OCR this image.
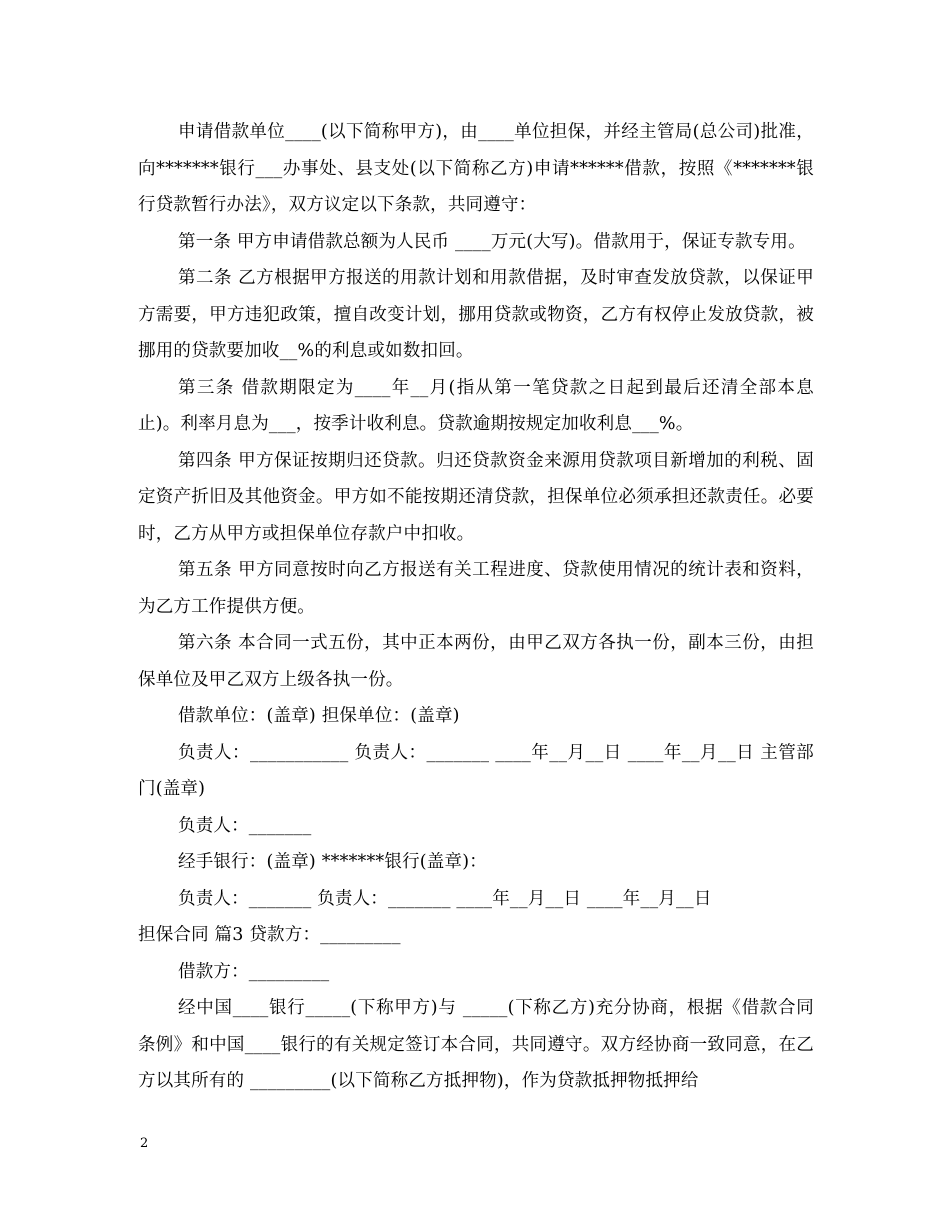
申请借款单位____(以下简称甲方)，由____单位担保，并经主管局(总公司)批准，向*******银行___办事处、县支处(以下简称乙方)申请******借款，按照《*******银行贷款暂行办法》，双方议定以下条款，共同遵守：

第一条 甲方申请借款总额为人民币 ____万元(大写)。借款用于，保证专款专用。

第二条 乙方根据甲方报送的用款计划和用款借据，及时审查发放贷款，以保证甲方需要，甲方违犯政策，擅自改变计划，挪用贷款或物资，乙方有权停止发放贷款，被挪用的贷款要加收__%的利息或如数扣回。

第三条 借款期限定为____年__月(指从第一笔贷款之日起到最后还清全部本息止)。利率月息为___，按季计收利息。贷款逾期按规定加收利息___%。

第四条 甲方保证按期归还贷款。归还贷款资金来源用贷款项目新增加的利税、固定资产折旧及其他资金。甲方如不能按期还清贷款，担保单位必须承担还款责任。必要时，乙方从甲方或担保单位存款户中扣收。

第五条 甲方同意按时向乙方报送有关工程进度、贷款使用情况的统计表和资料，为乙方工作提供方便。

第六条 本合同一式五份，其中正本两份，由甲乙双方各执一份，副本三份，由担保单位及甲乙双方上级各执一份。

借款单位：(盖章) 担保单位：(盖章)

负责人：___________ 负责人：_______ ____年__月__日 ____年__月__日 主管部门(盖章)

负责人：_______

经手银行：(盖章) *******银行(盖章)：

负责人：_______ 负责人：_______ ____年__月__日 ____年__月__日

担保合同 篇3 贷款方：_________

借款方：_________

经中国____银行_____(下称甲方)与 _____(下称乙方)充分协商，根据《借款合同条例》和中国____银行的有关规定签订本合同，共同遵守。双方经协商一致同意，在乙方以其所有的 _________(以下简称乙方抵押物)，作为贷款抵押物抵押给

2
